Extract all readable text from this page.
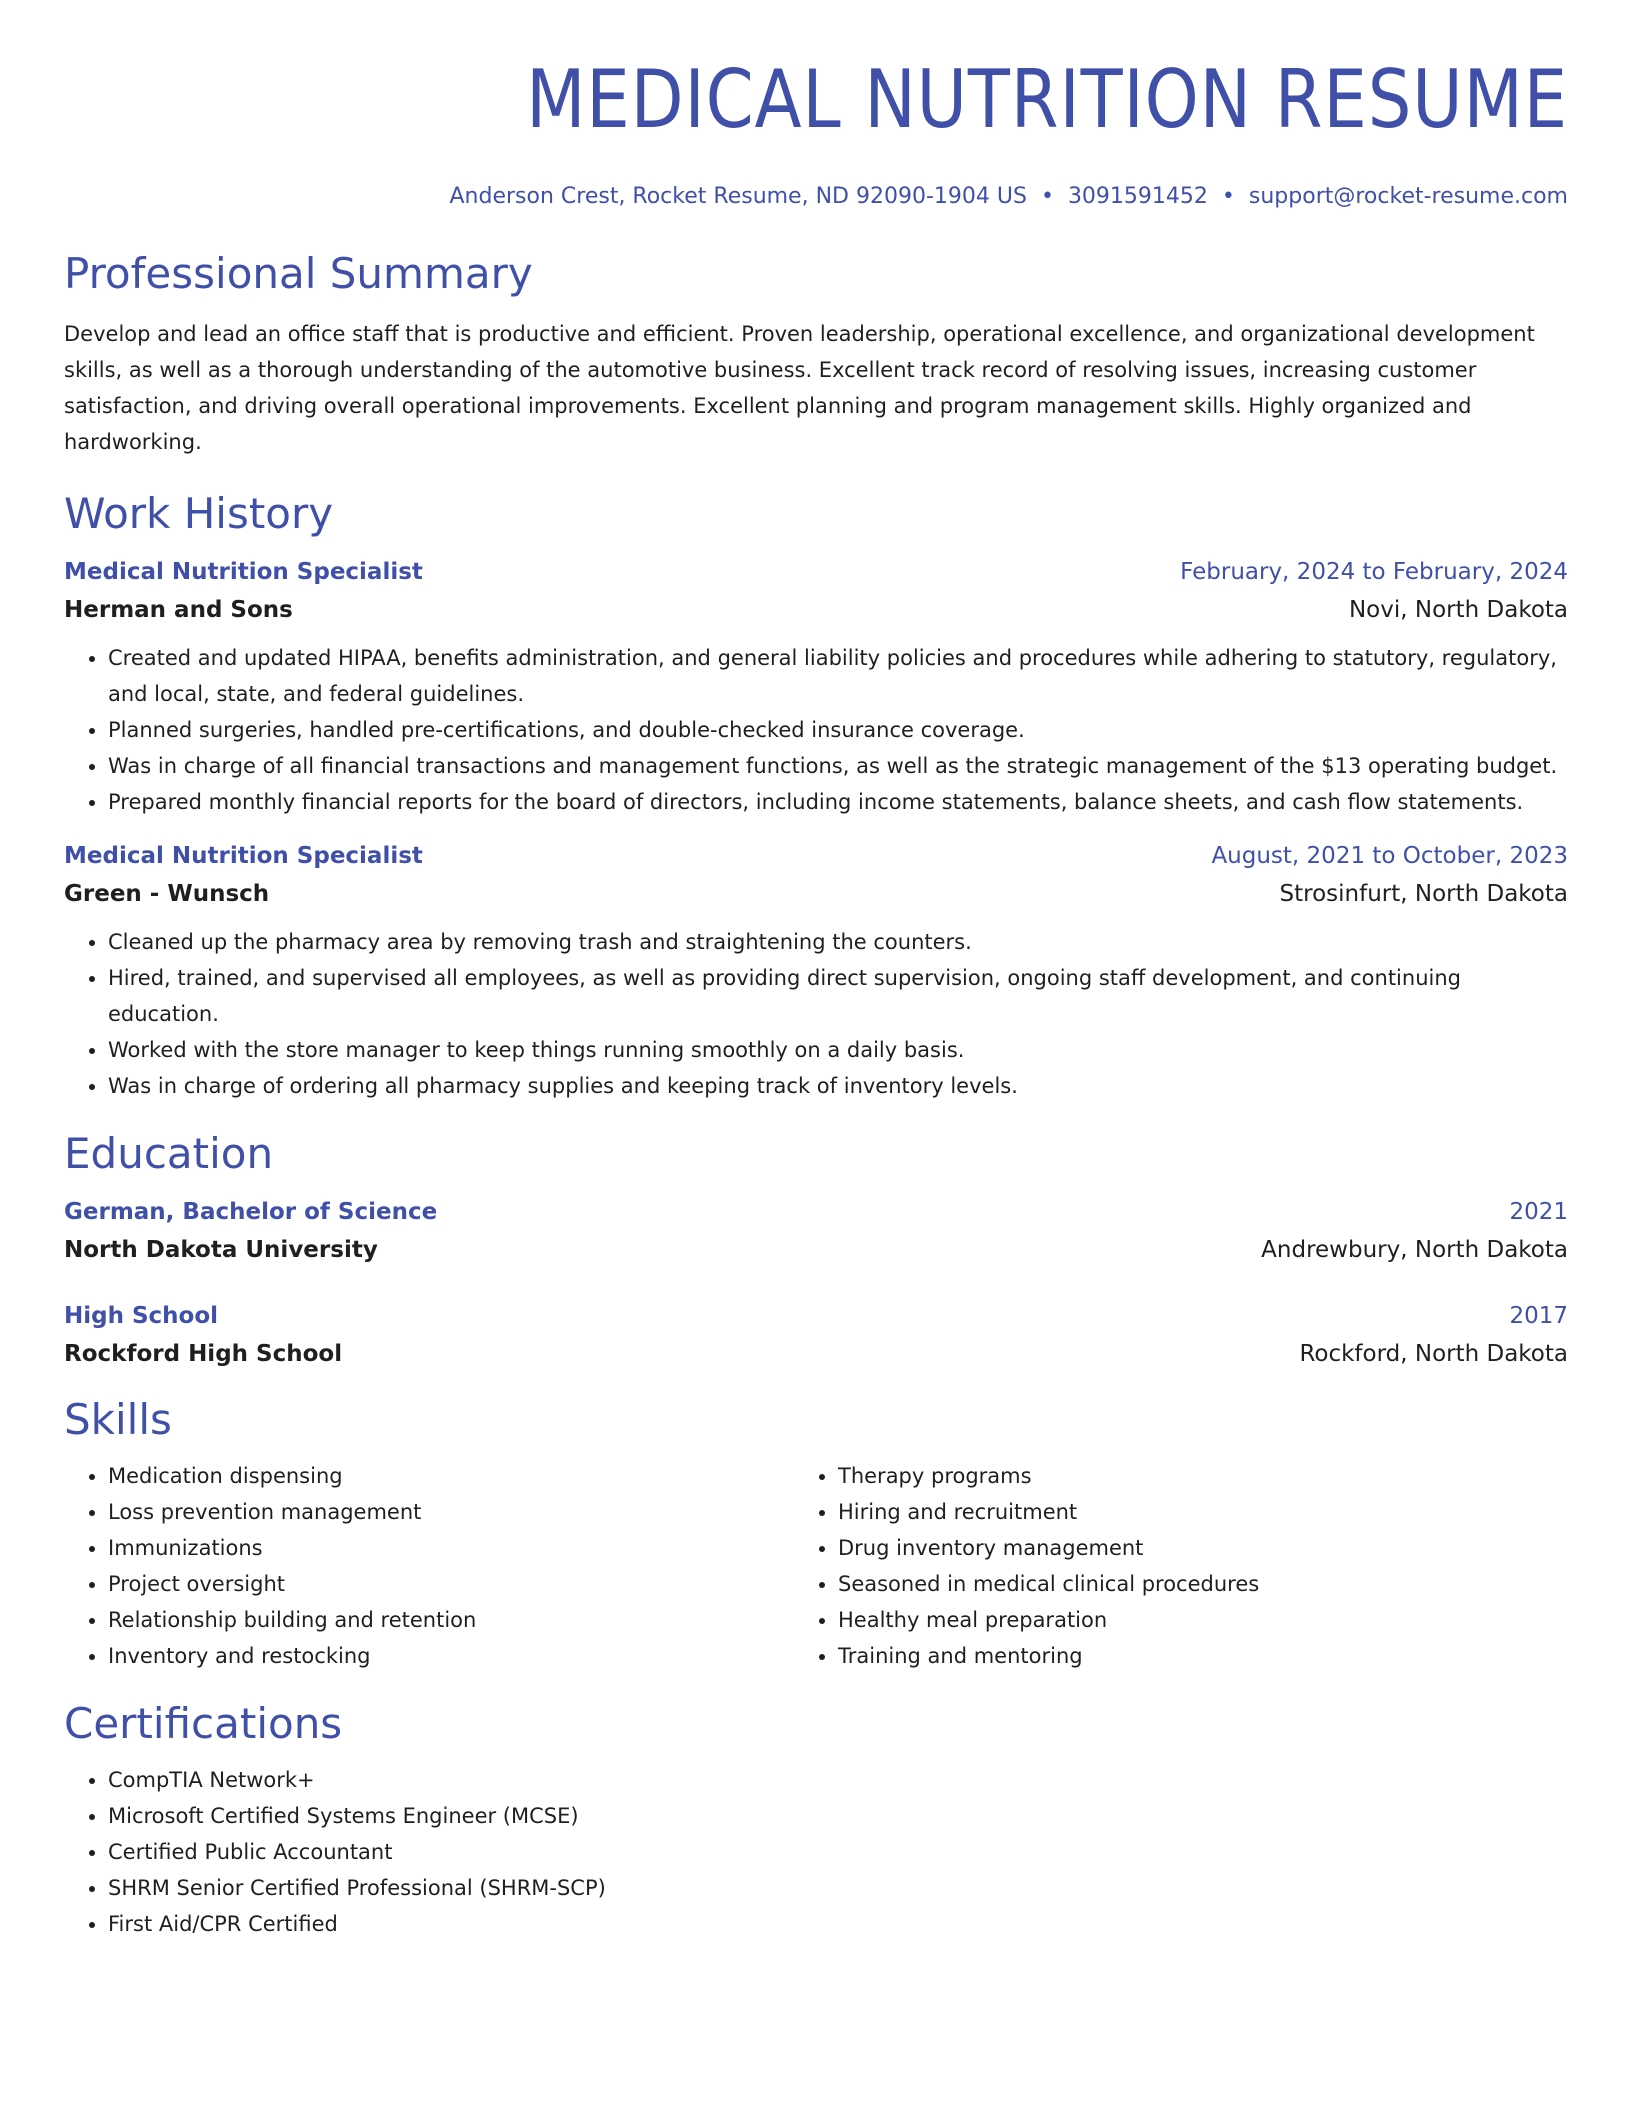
MEDICAL NUTRITION RESUME
Anderson Crest, Rocket Resume, ND 92090-1904 US • 3091591452 • support@rocket-resume.com
Professional Summary

Develop and lead an office staff that is productive and efficient. Proven leadership, operational excellence, and organizational development skills, as well as a thorough understanding of the automotive business. Excellent track record of resolving issues, increasing customer satisfaction, and driving overall operational improvements. Excellent planning and program management skills. Highly organized and hardworking.

Work History
Medical Nutrition Specialist	February, 2024 to February, 2024
Herman and Sons	Novi, North Dakota
• Created and updated HIPAA, benefits administration, and general liability policies and procedures while adhering to statutory, regulatory, and local, state, and federal guidelines.
• Planned surgeries, handled pre-certifications, and double-checked insurance coverage.
• Was in charge of all financial transactions and management functions, as well as the strategic management of the $13 operating budget.
• Prepared monthly financial reports for the board of directors, including income statements, balance sheets, and cash flow statements.
Medical Nutrition Specialist	August, 2021 to October, 2023
Green - Wunsch	Strosinfurt, North Dakota
• Cleaned up the pharmacy area by removing trash and straightening the counters.
• Hired, trained, and supervised all employees, as well as providing direct supervision, ongoing staff development, and continuing education.
• Worked with the store manager to keep things running smoothly on a daily basis.
• Was in charge of ordering all pharmacy supplies and keeping track of inventory levels.
Education
German, Bachelor of Science	2021
North Dakota University	Andrewbury, North Dakota
High School	2017
Rockford High School	Rockford, North Dakota
Skills
• Medication dispensing
• Loss prevention management
• Immunizations
• Project oversight
• Relationship building and retention
• Inventory and restocking
• Therapy programs
• Hiring and recruitment
• Drug inventory management
• Seasoned in medical clinical procedures
• Healthy meal preparation
• Training and mentoring
Certifications
• CompTIA Network+
• Microsoft Certified Systems Engineer (MCSE)
• Certified Public Accountant
• SHRM Senior Certified Professional (SHRM-SCP)
• First Aid/CPR Certified
